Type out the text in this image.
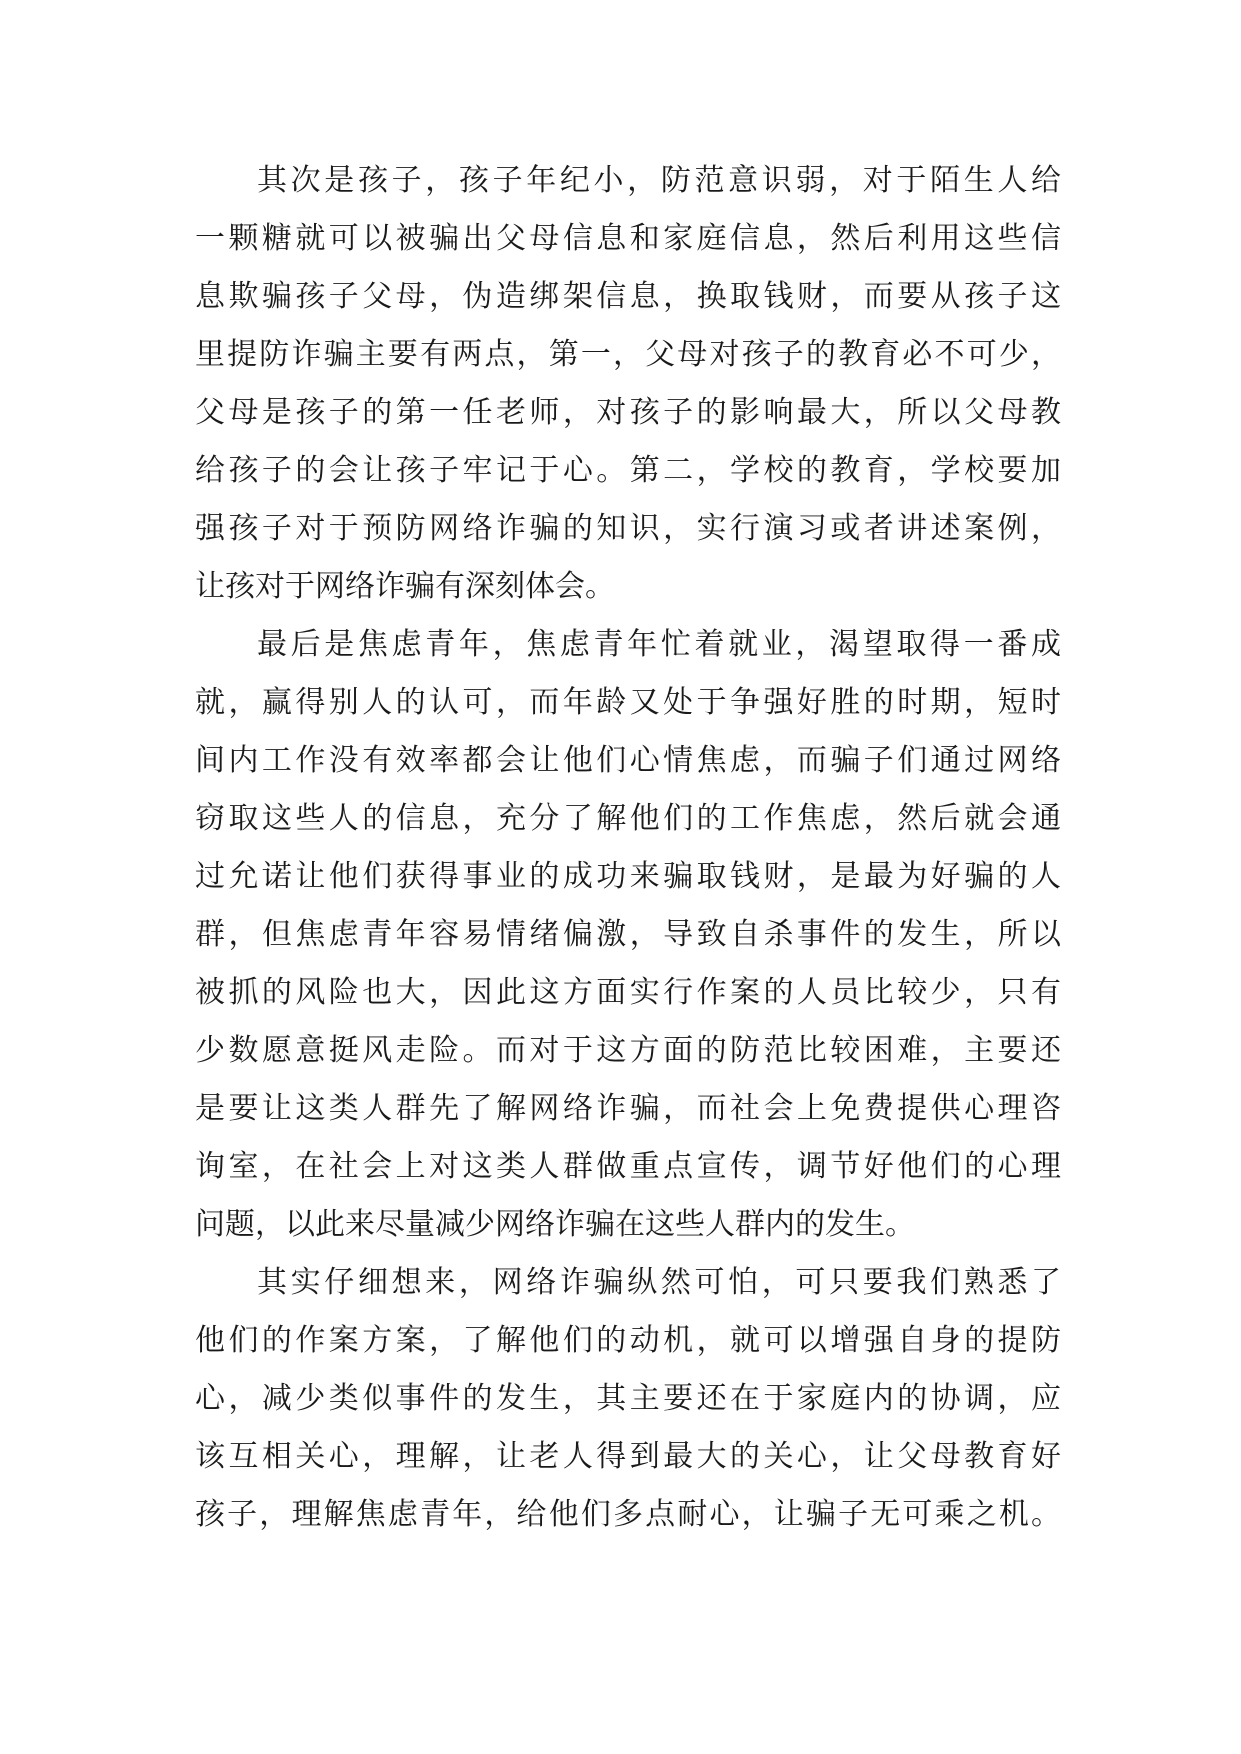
其次是孩子，孩子年纪小，防范意识弱，对于陌生人给
一颗糖就可以被骗出父母信息和家庭信息，然后利用这些信
息欺骗孩子父母，伪造绑架信息，换取钱财，而要从孩子这
里提防诈骗主要有两点，第一，父母对孩子的教育必不可少，
父母是孩子的第一任老师，对孩子的影响最大，所以父母教
给孩子的会让孩子牢记于心。第二，学校的教育，学校要加
强孩子对于预防网络诈骗的知识，实行演习或者讲述案例，
让孩对于网络诈骗有深刻体会。
最后是焦虑青年，焦虑青年忙着就业，渴望取得一番成
就，赢得别人的认可，而年龄又处于争强好胜的时期，短时
间内工作没有效率都会让他们心情焦虑，而骗子们通过网络
窃取这些人的信息，充分了解他们的工作焦虑，然后就会通
过允诺让他们获得事业的成功来骗取钱财，是最为好骗的人
群，但焦虑青年容易情绪偏激，导致自杀事件的发生，所以
被抓的风险也大，因此这方面实行作案的人员比较少，只有
少数愿意挺风走险。而对于这方面的防范比较困难，主要还
是要让这类人群先了解网络诈骗，而社会上免费提供心理咨
询室，在社会上对这类人群做重点宣传，调节好他们的心理
问题，以此来尽量减少网络诈骗在这些人群内的发生。
其实仔细想来，网络诈骗纵然可怕，可只要我们熟悉了
他们的作案方案，了解他们的动机，就可以增强自身的提防
心，减少类似事件的发生，其主要还在于家庭内的协调，应
该互相关心，理解，让老人得到最大的关心，让父母教育好
孩子，理解焦虑青年，给他们多点耐心，让骗子无可乘之机。
